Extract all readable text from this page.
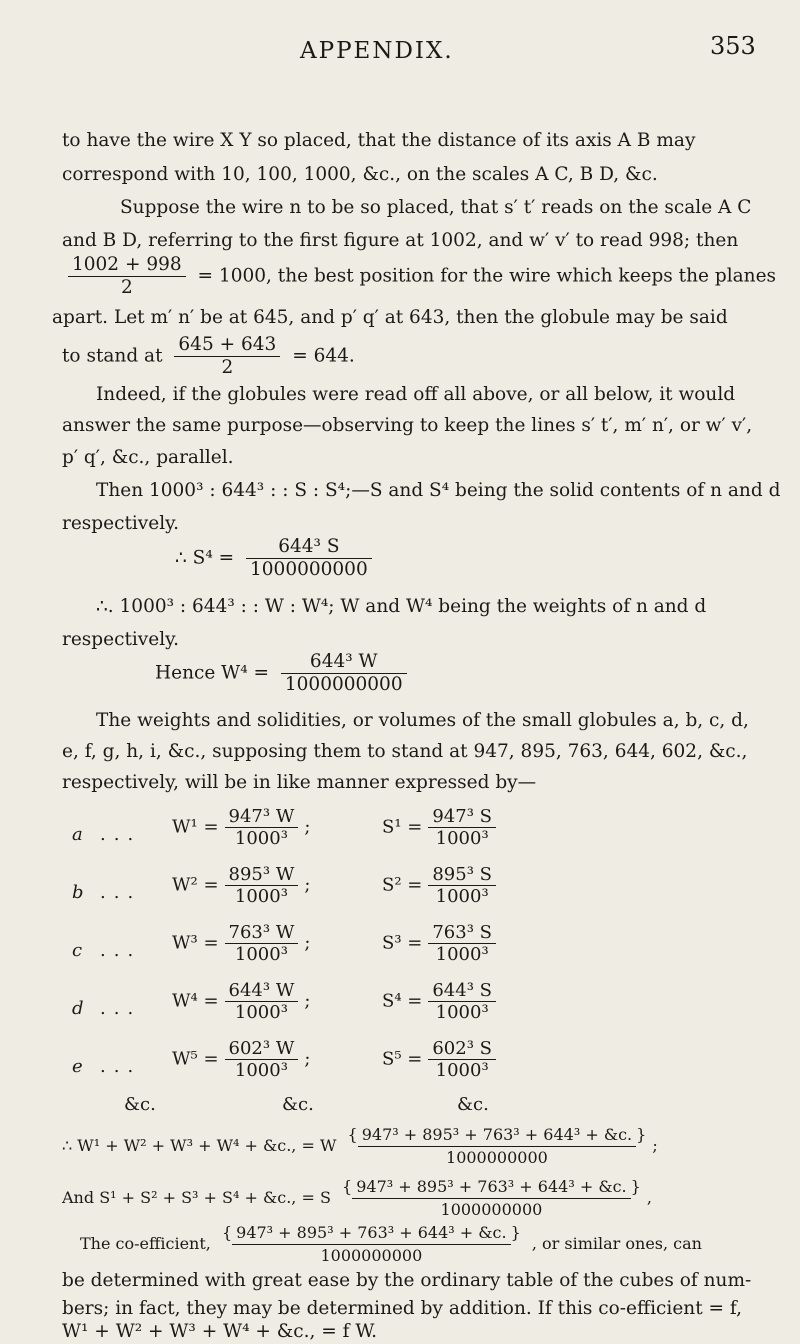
APPENDIX.	353
to have the wire X Y so placed, that the distance of its axis A B may
correspond with 10, 100, 1000, &c., on the scales A C, B D, &c.
Suppose the wire n to be so placed, that s′ t′ reads on the scale A C
and B D, referring to the first figure at 1002, and w′ v′ to read 998; then
$\frac{1002 + 998}{2} = 1000$, the best position for the wire which keeps the planes
apart. Let m′ n′ be at 645, and p′ q′ at 643, then the globule may be said
to stand at $\frac{645 + 643}{2} = 644$.
Indeed, if the globules were read off all above, or all below, it would
answer the same purpose—observing to keep the lines s′ t′, m′ n′, or w′ v′,
p′ q′, &c., parallel.
Then 1000³ : 644³ : : S : S⁴;—S and S⁴ being the solid contents of n and d
respectively.
∴ $S^4 = \frac{\text{644³ S}}{1000000000}$
∴. 1000³ : 644³ : : W : W⁴; W and W⁴ being the weights of n and d
respectively.
Hence $W^4 = \frac{\text{644³ W}}{1000000000}$
The weights and solidities, or volumes of the small globules a, b, c, d,
e, f, g, h, i, &c., supposing them to stand at 947, 895, 763, 644, 602, &c.,
respectively, will be in like manner expressed by—
a ... $W^1 = \frac{\text{947³ W}}{\text{1000³}}$ ;	$S^1 = \frac{\text{947³ S}}{\text{1000³}}$
b ... $W^2 = \frac{\text{895³ W}}{\text{1000³}}$ ;	$S^2 = \frac{\text{895³ S}}{\text{1000³}}$
c ... $W^3 = \frac{\text{763³ W}}{\text{1000³}}$ ;	$S^3 = \frac{\text{763³ S}}{\text{1000³}}$
d ... $W^4 = \frac{\text{644³ W}}{\text{1000³}}$ ;	$S^4 = \frac{\text{644³ S}}{\text{1000³}}$
e ... $W^5 = \frac{\text{602³ W}}{\text{1000³}}$ ;	$S^5 = \frac{\text{602³ S}}{\text{1000³}}$
&c.	&c.	&c.
∴ W¹ + W² + W³ + W⁴ + &c., = W { 947³ + 895³ + 763³ + 644³ + &c. }
1000000000
;
And S¹ + S² + S³ + S⁴ + &c., = S { 947³ + 895³ + 763³ + 644³ + &c. }
1000000000
,
The co-efficient, { 947³ + 895³ + 763³ + 644³ + &c. }
1000000000
, or similar ones, can
be determined with great ease by the ordinary table of the cubes of num-
bers; in fact, they may be determined by addition. If this co-efficient = f,
W¹ + W² + W³ + W⁴ + &c., = f W.
